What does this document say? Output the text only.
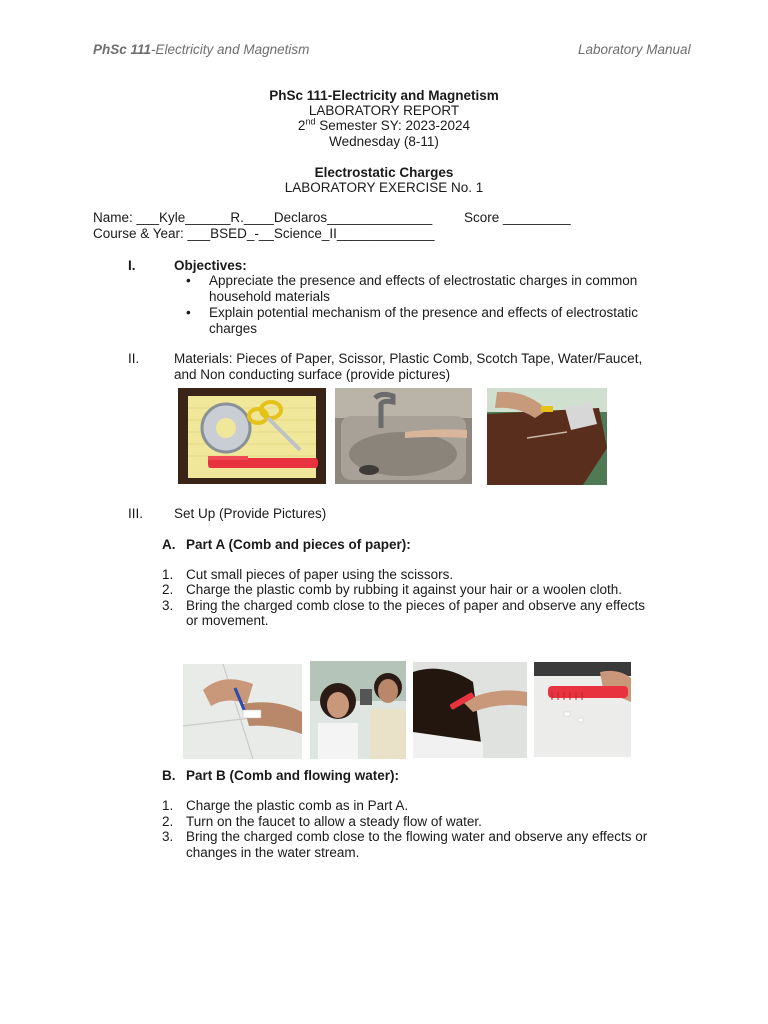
PhSc 111-Electricity and Magnetism	Laboratory Manual
PhSc 111-Electricity and Magnetism
LABORATORY REPORT
2nd Semester SY: 2023-2024
Wednesday (8-11)
Electrostatic Charges
LABORATORY EXERCISE No. 1
Name: ___Kyle______R.____Declaros______________ Score _________
Course & Year: ___BSED_-__Science_II_____________
I.	Objectives:
• Appreciate the presence and effects of electrostatic charges in common
household materials
• Explain potential mechanism of the presence and effects of electrostatic
charges
II.	Materials: Pieces of Paper, Scissor, Plastic Comb, Scotch Tape, Water/Faucet,
and Non conducting surface (provide pictures)
III. Set Up (Provide Pictures)
A. Part A (Comb and pieces of paper):
1. Cut small pieces of paper using the scissors.
2. Charge the plastic comb by rubbing it against your hair or a woolen cloth.
3. Bring the charged comb close to the pieces of paper and observe any effects
or movement.
B. Part B (Comb and flowing water):
1. Charge the plastic comb as in Part A.
2. Turn on the faucet to allow a steady flow of water.
3. Bring the charged comb close to the flowing water and observe any effects or
changes in the water stream.
